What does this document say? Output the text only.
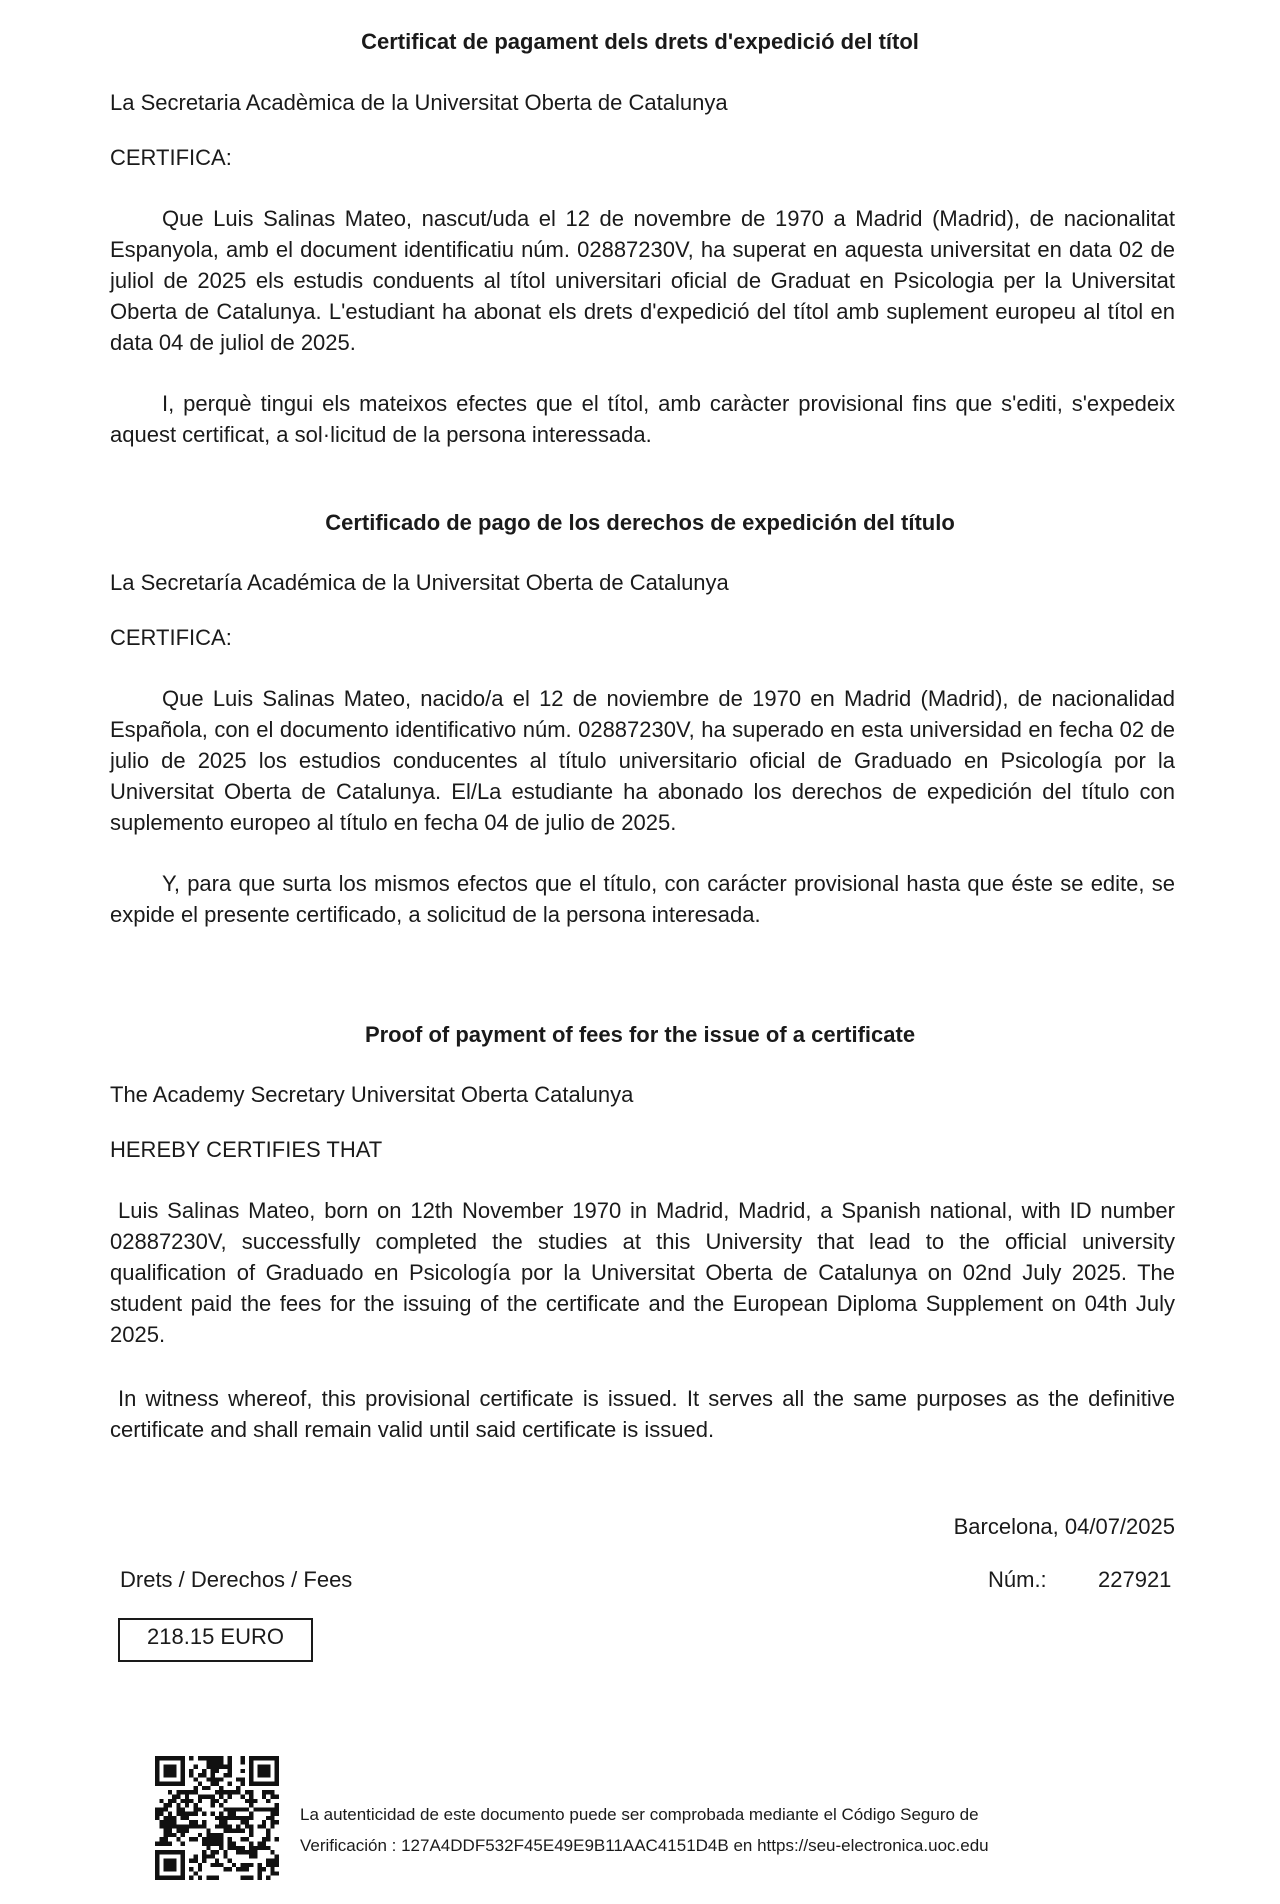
Certificat de pagament dels drets d'expedició del títol
La Secretaria Acadèmica de la Universitat Oberta de Catalunya
CERTIFICA:
Que Luis Salinas Mateo, nascut/uda el 12 de novembre de 1970 a Madrid (Madrid), de nacionalitat Espanyola, amb el document identificatiu núm. 02887230V, ha superat en aquesta universitat en data 02 de juliol de 2025 els estudis conduents al títol universitari oficial de Graduat en Psicologia per la Universitat Oberta de Catalunya. L'estudiant ha abonat els drets d'expedició del títol amb suplement europeu al títol en data 04 de juliol de 2025.
I, perquè tingui els mateixos efectes que el títol, amb caràcter provisional fins que s'editi, s'expedeix aquest certificat, a sol·licitud de la persona interessada.
Certificado de pago de los derechos de expedición del título
La Secretaría Académica de la Universitat Oberta de Catalunya
CERTIFICA:
Que Luis Salinas Mateo, nacido/a el 12 de noviembre de 1970 en Madrid (Madrid), de nacionalidad Española, con el documento identificativo núm. 02887230V, ha superado en esta universidad en fecha 02 de julio de 2025 los estudios conducentes al título universitario oficial de Graduado en Psicología por la Universitat Oberta de Catalunya. El/La estudiante ha abonado los derechos de expedición del título con suplemento europeo al título en fecha 04 de julio de 2025.
Y, para que surta los mismos efectos que el título, con carácter provisional hasta que éste se edite, se expide el presente certificado, a solicitud de la persona interesada.
Proof of payment of fees for the issue of a certificate
The Academy Secretary Universitat Oberta Catalunya
HEREBY CERTIFIES THAT
Luis Salinas Mateo, born on 12th November 1970 in Madrid, Madrid, a Spanish national, with ID number 02887230V, successfully completed the studies at this University that lead to the official university qualification of Graduado en Psicología por la Universitat Oberta de Catalunya on 02nd July 2025. The student paid the fees for the issuing of the certificate and the European Diploma Supplement on 04th July 2025.
In witness whereof, this provisional certificate is issued. It serves all the same purposes as the definitive certificate and shall remain valid until said certificate is issued.
Barcelona, 04/07/2025
Drets / Derechos / Fees	Núm.: 227921
218.15 EURO
La autenticidad de este documento puede ser comprobada mediante el Código Seguro de
Verificación : 127A4DDF532F45E49E9B11AAC4151D4B en https://seu-electronica.uoc.edu
